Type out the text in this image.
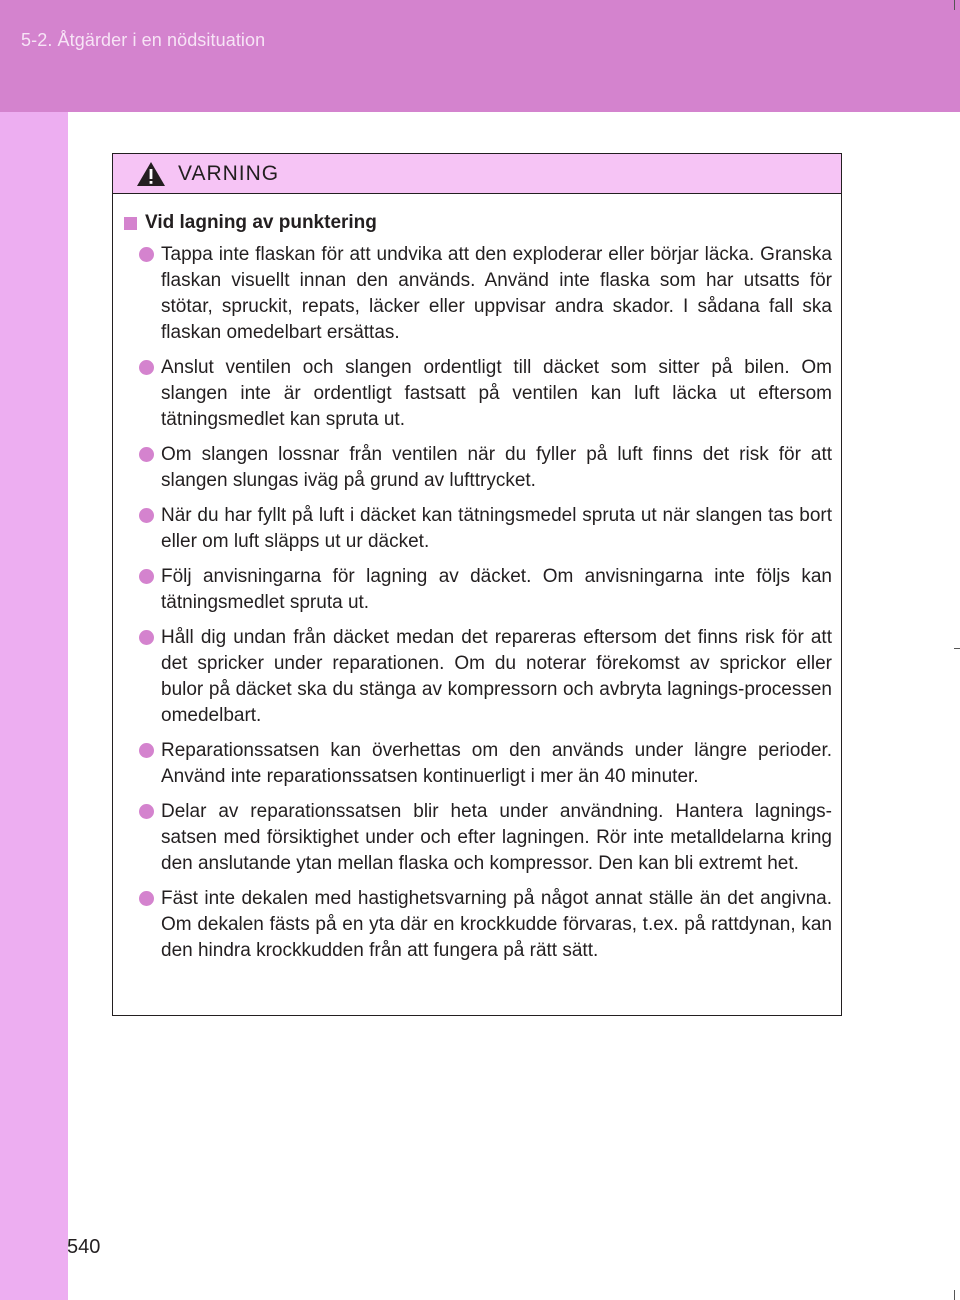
5-2. Åtgärder i en nödsituation
VARNING
Vid lagning av punktering
Tappa inte flaskan för att undvika att den exploderar eller börjar läcka. Granska flaskan visuellt innan den används. Använd inte flaska som har utsatts för stötar, spruckit, repats, läcker eller uppvisar andra skador. I sådana fall ska flaskan omedelbart ersättas.
Anslut ventilen och slangen ordentligt till däcket som sitter på bilen. Om slangen inte är ordentligt fastsatt på ventilen kan luft läcka ut eftersom tätningsmedlet kan spruta ut.
Om slangen lossnar från ventilen när du fyller på luft finns det risk för att slangen slungas iväg på grund av lufttrycket.
När du har fyllt på luft i däcket kan tätningsmedel spruta ut när slangen tas bort eller om luft släpps ut ur däcket.
Följ anvisningarna för lagning av däcket. Om anvisningarna inte följs kan tätningsmedlet spruta ut.
Håll dig undan från däcket medan det repareras eftersom det finns risk för att det spricker under reparationen. Om du noterar förekomst av sprickor eller bulor på däcket ska du stänga av kompressorn och avbryta lagnings-processen omedelbart.
Reparationssatsen kan överhettas om den används under längre perioder. Använd inte reparationssatsen kontinuerligt i mer än 40 minuter.
Delar av reparationssatsen blir heta under användning. Hantera lagnings-satsen med försiktighet under och efter lagningen. Rör inte metalldelarna kring den anslutande ytan mellan flaska och kompressor. Den kan bli extremt het.
Fäst inte dekalen med hastighetsvarning på något annat ställe än det angivna. Om dekalen fästs på en yta där en krockkudde förvaras, t.ex. på rattdynan, kan den hindra krockkudden från att fungera på rätt sätt.
540
